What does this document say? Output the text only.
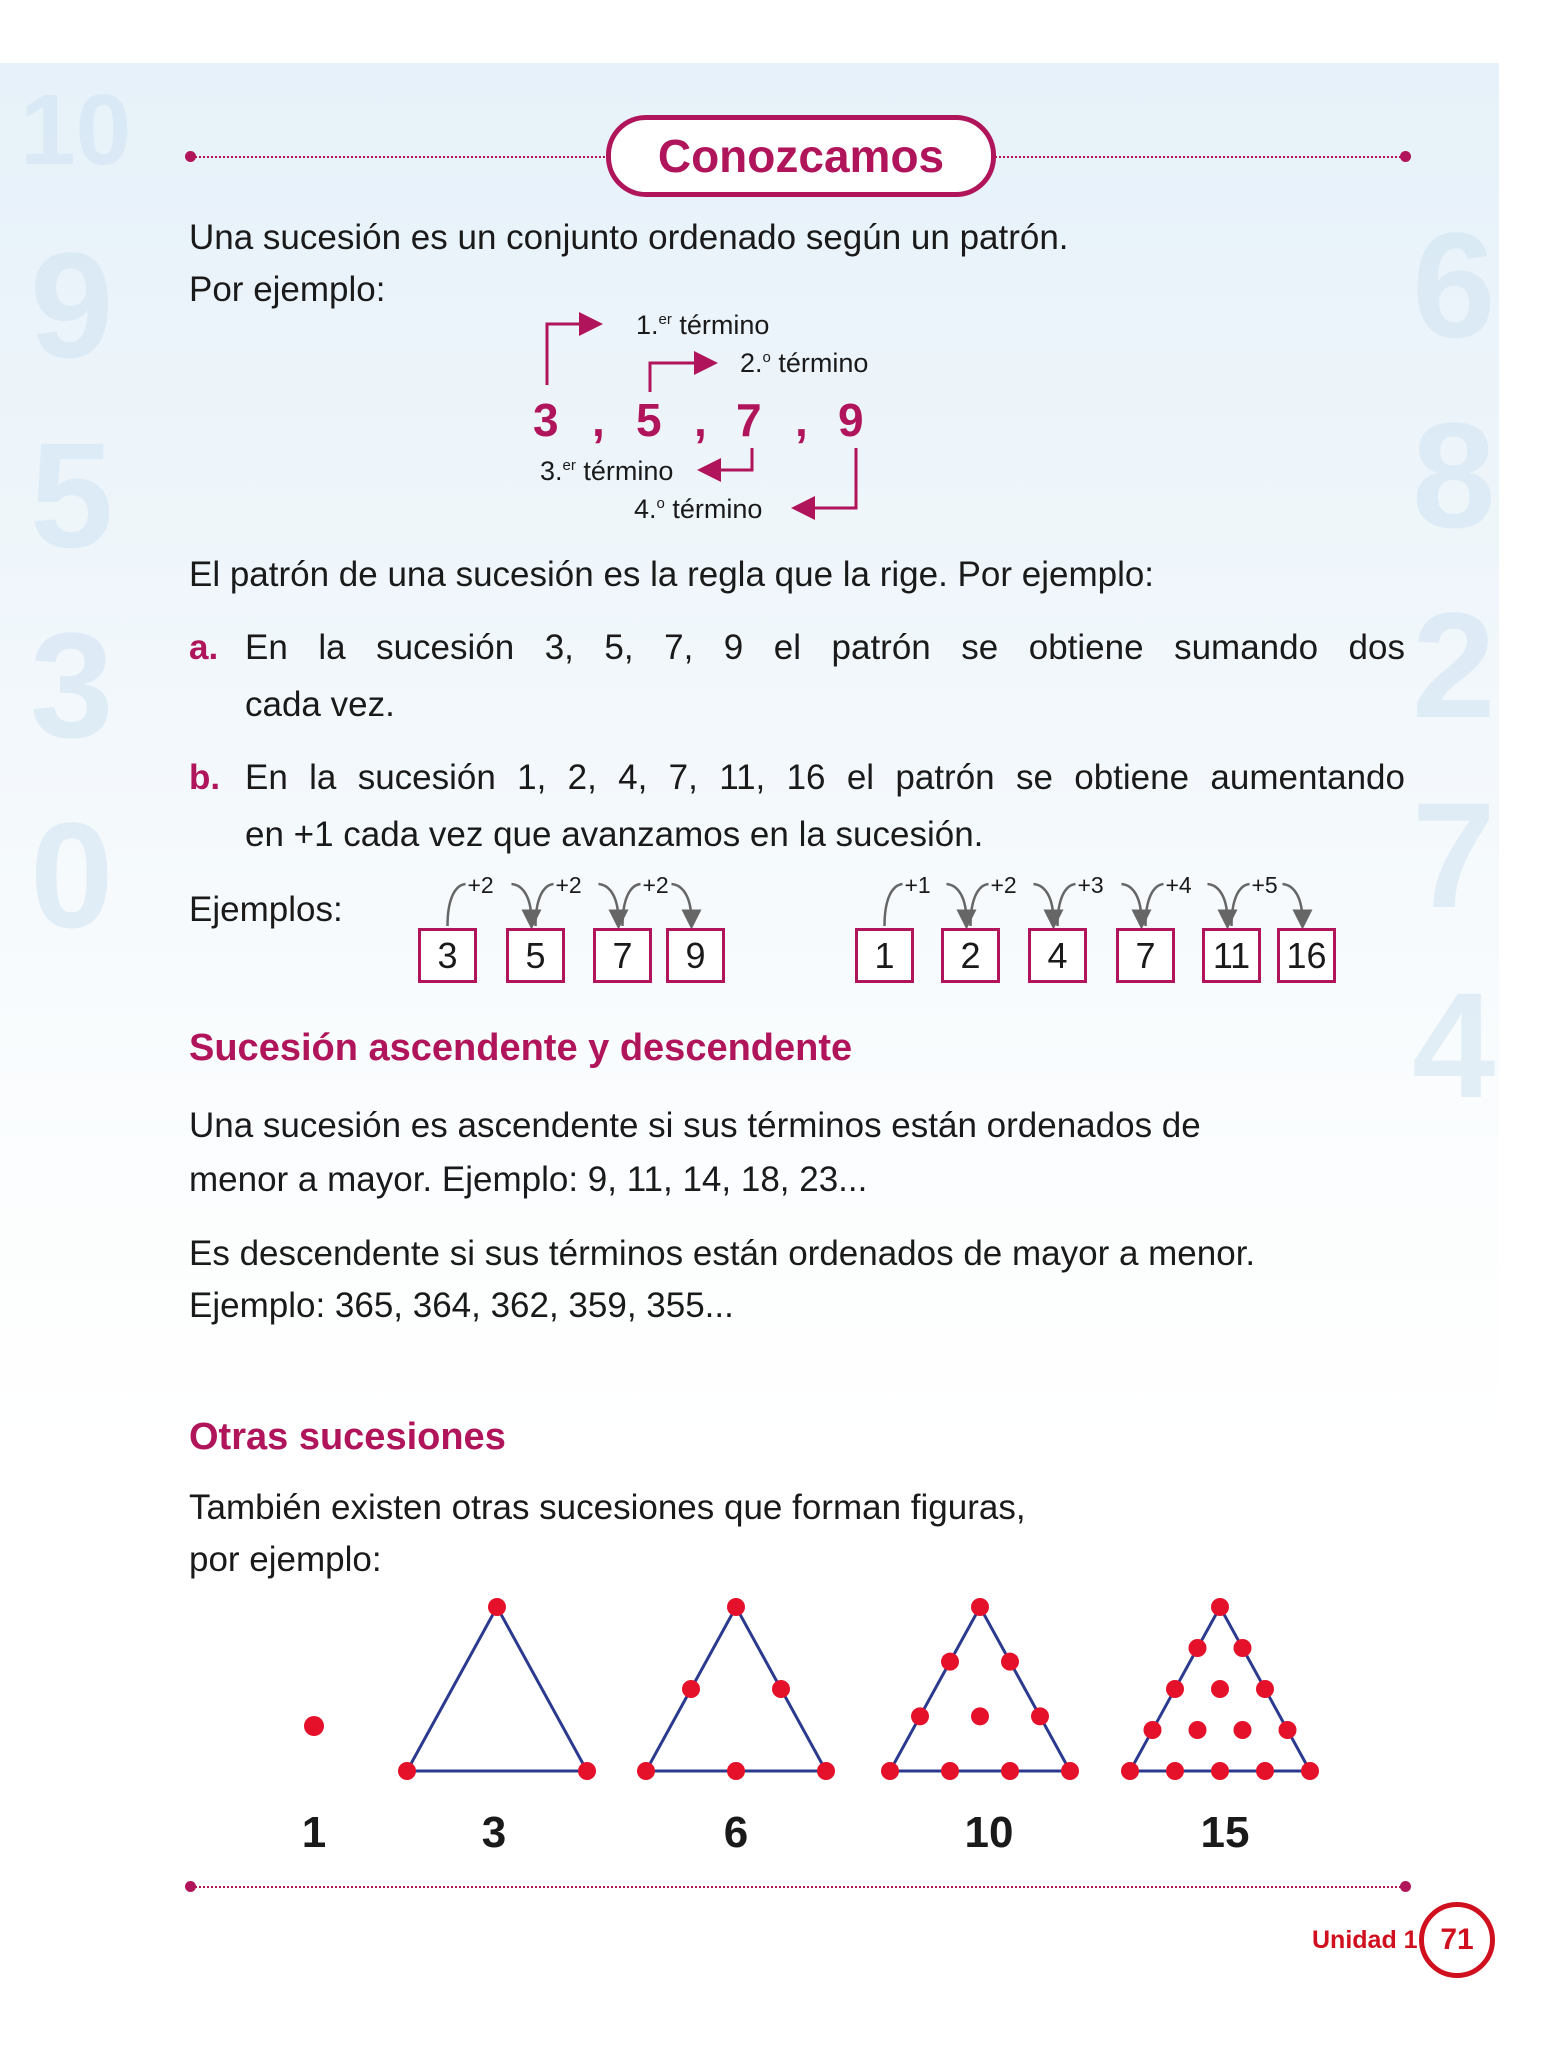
10
9	6
8
2
5
3
0	7
4
Conozcamos
Una sucesión es un conjunto ordenado según un patrón.
Por ejemplo:
3 , 5 , 7 , 9
1.$^{er}$ término
2.$^o$ término
3.$^{er}$ término
4.$^o$ término
El patrón de una sucesión es la regla que la rige. Por ejemplo:
a. En la sucesión 3, 5, 7, 9 el patrón se obtiene sumando dos
cada vez.
b. En la sucesión 1, 2, 4, 7, 11, 16 el patrón se obtiene aumentando
en +1 cada vez que avanzamos en la sucesión.
Ejemplos:
3
+2
5
+2
7
+2
9	1
+1
2
+2
4
+3
7
+4
11
+5
16
Sucesión ascendente y descendente
Una sucesión es ascendente si sus términos están ordenados de
menor a mayor. Ejemplo: 9, 11, 14, 18, 23...
Es descendente si sus términos están ordenados de mayor a menor.
Ejemplo: 365, 364, 362, 359, 355...
Otras sucesiones
También existen otras sucesiones que forman figuras,
por ejemplo:
1	3	6	10	15
Unidad 1 71
